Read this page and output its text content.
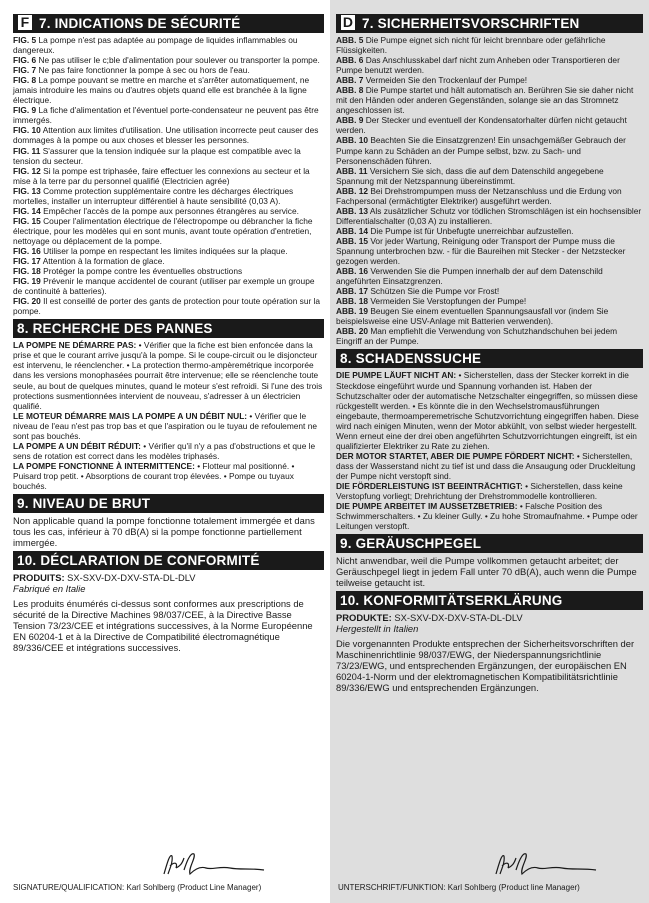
F 7. INDICATIONS DE SÉCURITÉ

FIG. 5 La pompe n'est pas adaptée au pompage de liquides inflammables ou dangereux.

FIG. 6 Ne pas utiliser le c;ble d'alimentation pour soulever ou transporter la pompe.

FIG. 7 Ne pas faire fonctionner la pompe à sec ou hors de l'eau.

FIG. 8 La pompe pouvant se mettre en marche et s'arrêter automatiquement, ne jamais introduire les mains ou d'autres objets quand elle est branchée à la ligne électrique.

FIG. 9 La fiche d'alimentation et l'éventuel porte-condensateur ne peuvent pas être immergés.

FIG. 10 Attention aux limites d'utilisation. Une utilisation incorrecte peut causer des dommages à la pompe ou aux choses et blesser les personnes.

FIG. 11 S'assurer que la tension indiquée sur la plaque est compatible avec la tension du secteur.

FIG. 12 Si la pompe est triphasée, faire effectuer les connexions au secteur et la mise à la terre par du personnel qualifié (Electricien agrée)

FIG. 13 Comme protection supplémentaire contre les décharges électriques mortelles, installer un interrupteur différentiel à haute sensibilité (0,03 A).

FIG. 14 Empêcher l'accès de la pompe aux personnes étrangères au service.

FIG. 15 Couper l'alimentation électrique de l'électropompe ou débrancher la fiche électrique, pour les modèles qui en sont munis, avant toute opération d'entretien, nettoyage ou déplacement de la pompe.

FIG. 16 Utiliser la pompe en respectant les limites indiquées sur la plaque.

FIG. 17 Attention à la formation de glace.

FIG. 18 Protéger la pompe contre les éventuelles obstructions

FIG. 19 Prévenir le manque accidentel de courant (utiliser par exemple un groupe de continuité à batteries).

FIG. 20 Il est conseillé de porter des gants de protection pour toute opération sur la pompe.

8. RECHERCHE DES PANNES

LA POMPE NE DÉMARRE PAS: • Vérifier que la fiche est bien enfoncée dans la prise et que le courant arrive jusqu'à la pompe. Si le coupe-circuit ou le disjoncteur est intervenu, le réenclencher. • La protection thermo-ampèremétrique incorporée dans les versions monophasées pourrait être intervenue; elle se réenclenche toute seule, au bout de quelques minutes, quand le moteur s'est refroidi. Si l'une des trois protections susmentionnées intervient de nouveau, s'adresser à un électricien qualifié.

LE MOTEUR DÉMARRE MAIS LA POMPE A UN DÉBIT NUL: • Vérifier que le niveau de l'eau n'est pas trop bas et que l'aspiration ou le tuyau de refoulement ne sont pas bouchés.

LA POMPE A UN DÉBIT RÉDUIT: • Vérifier qu'il n'y a pas d'obstructions et que le sens de rotation est correct dans les modèles triphasés.

LA POMPE FONCTIONNE À INTERMITTENCE: • Flotteur mal positionné. • Puisard trop petit. • Absorptions de courant trop élevées. • Pompe ou tuyaux bouchés.

9. NIVEAU DE BRUT

Non applicable quand la pompe fonctionne totalement immergée et dans tous les cas, inférieur à 70 dB(A) si la pompe fonctionne partiellement immergée.

10. DÉCLARATION DE CONFORMITÉ

PRODUITS: SX-SXV-DX-DXV-STA-DL-DLV

Fabriqué en Italie

Les produits énumérés ci-dessus sont conformes aux prescriptions de sécurité de la Directive Machines 98/037/CEE, à la Directive Basse Tension 73/23/CEE et intégrations successives, à la Norme Européenne EN 60204-1 et à la Directive de Compatibilité électromagnétique 89/336/CEE et intégrations successives.

SIGNATURE/QUALIFICATION: Karl Sohlberg (Product Line Manager)
D 7. SICHERHEITSVORSCHRIFTEN

ABB. 5 Die Pumpe eignet sich nicht für leicht brennbare oder gefährliche Flüssigkeiten.

ABB. 6 Das Anschlusskabel darf nicht zum Anheben oder Transportieren der Pumpe benutzt werden.

ABB. 7 Vermeiden Sie den Trockenlauf der Pumpe!

ABB. 8 Die Pumpe startet und hält automatisch an. Berühren Sie sie daher nicht mit den Händen oder anderen Gegenständen, solange sie an das Stromnetz angeschlossen ist.

ABB. 9 Der Stecker und eventuell der Kondensatorhalter dürfen nicht getaucht werden.

ABB. 10 Beachten Sie die Einsatzgrenzen! Ein unsachgemäßer Gebrauch der Pumpe kann zu Schäden an der Pumpe selbst, bzw. zu Sach- und Personenschäden führen.

ABB. 11 Versichern Sie sich, dass die auf dem Datenschild angegebene Spannung mit der Netzspannung übereinstimmt.

ABB. 12 Bei Drehstrompumpen muss der Netzanschluss und die Erdung von Fachpersonal (ermächtigter Elektriker) ausgeführt werden.

ABB. 13 Als zusätzlicher Schutz vor tödlichen Stromschlägen ist ein hochsensibler Differentialschalter (0,03 A) zu installieren.

ABB. 14 Die Pumpe ist für Unbefugte unerreichbar aufzustellen.

ABB. 15 Vor jeder Wartung, Reinigung oder Transport der Pumpe muss die Spannung unterbrochen bzw. - für die Baureihen mit Stecker - der Netzstecker gezogen werden.

ABB. 16 Verwenden Sie die Pumpen innerhalb der auf dem Datenschild angeführten Einsatzgrenzen.

ABB. 17 Schützen Sie die Pumpe vor Frost!

ABB. 18 Vermeiden Sie Verstopfungen der Pumpe!

ABB. 19 Beugen Sie einem eventuellen Spannungsausfall vor (indem Sie beispielsweise eine USV-Anlage mit Batterien verwenden).

ABB. 20 Man empfiehlt die Verwendung von Schutzhandschuhen bei jedem Eingriff an der Pumpe.

8. SCHADENSSUCHE

DIE PUMPE LÄUFT NICHT AN: • Sicherstellen, dass der Stecker korrekt in die Steckdose eingeführt wurde und Spannung vorhanden ist. Haben der Schutzschalter oder der automatische Netzschalter eingegriffen, so müssen diese rückgestellt werden. • Es könnte die in den Wechselstromausführungen eingebaute, thermoamperemetrische Schutzvorrichtung eingegriffen haben. Diese wird nach einigen Minuten, wenn der Motor abkühlt, von selbst wieder hergestellt. Wenn erneut eine der drei oben angeführten Schutzvorrichtungen eingreift, ist ein qualifizierter Elektriker zu Rate zu ziehen.

DER MOTOR STARTET, ABER DIE PUMPE FÖRDERT NICHT: • Sicherstellen, dass der Wasserstand nicht zu tief ist und dass die Ansaugung oder Druckleitung der Pumpe nicht verstopft sind.

DIE FÖRDERLEISTUNG IST BEEINTRÄCHTIGT: • Sicherstellen, dass keine Verstopfung vorliegt; Drehrichtung der Drehstrommodelle kontrollieren.

DIE PUMPE ARBEITET IM AUSSETZBETRIEB: • Falsche Position des Schwimmerschalters. • Zu kleiner Gully. • Zu hohe Stromaufnahme. • Pumpe oder Leitungen verstopft.

9. GERÄUSCHPEGEL

Nicht anwendbar, weil die Pumpe vollkommen getaucht arbeitet; der Geräuschpegel liegt in jedem Fall unter 70 dB(A), auch wenn die Pumpe teilweise getaucht ist.

10. KONFORMITÄTSERKLÄRUNG

PRODUKTE: SX-SXV-DX-DXV-STA-DL-DLV

Hergestellt in Italien

Die vorgenannten Produkte entsprechen der Sicherheitsvorschriften der Maschinenrichtlinie 98/037/EWG, der Niederspannungsrichtlinie 73/23/EWG, und entsprechenden Ergänzungen, der europäischen EN 60204-1-Norm und der elektromagnetischen Kompatibilitätsrichtlinie 89/336/EWG und entsprechenden Ergänzungen.

UNTERSCHRIFT/FUNKTION: Karl Sohlberg (Product line Manager)
